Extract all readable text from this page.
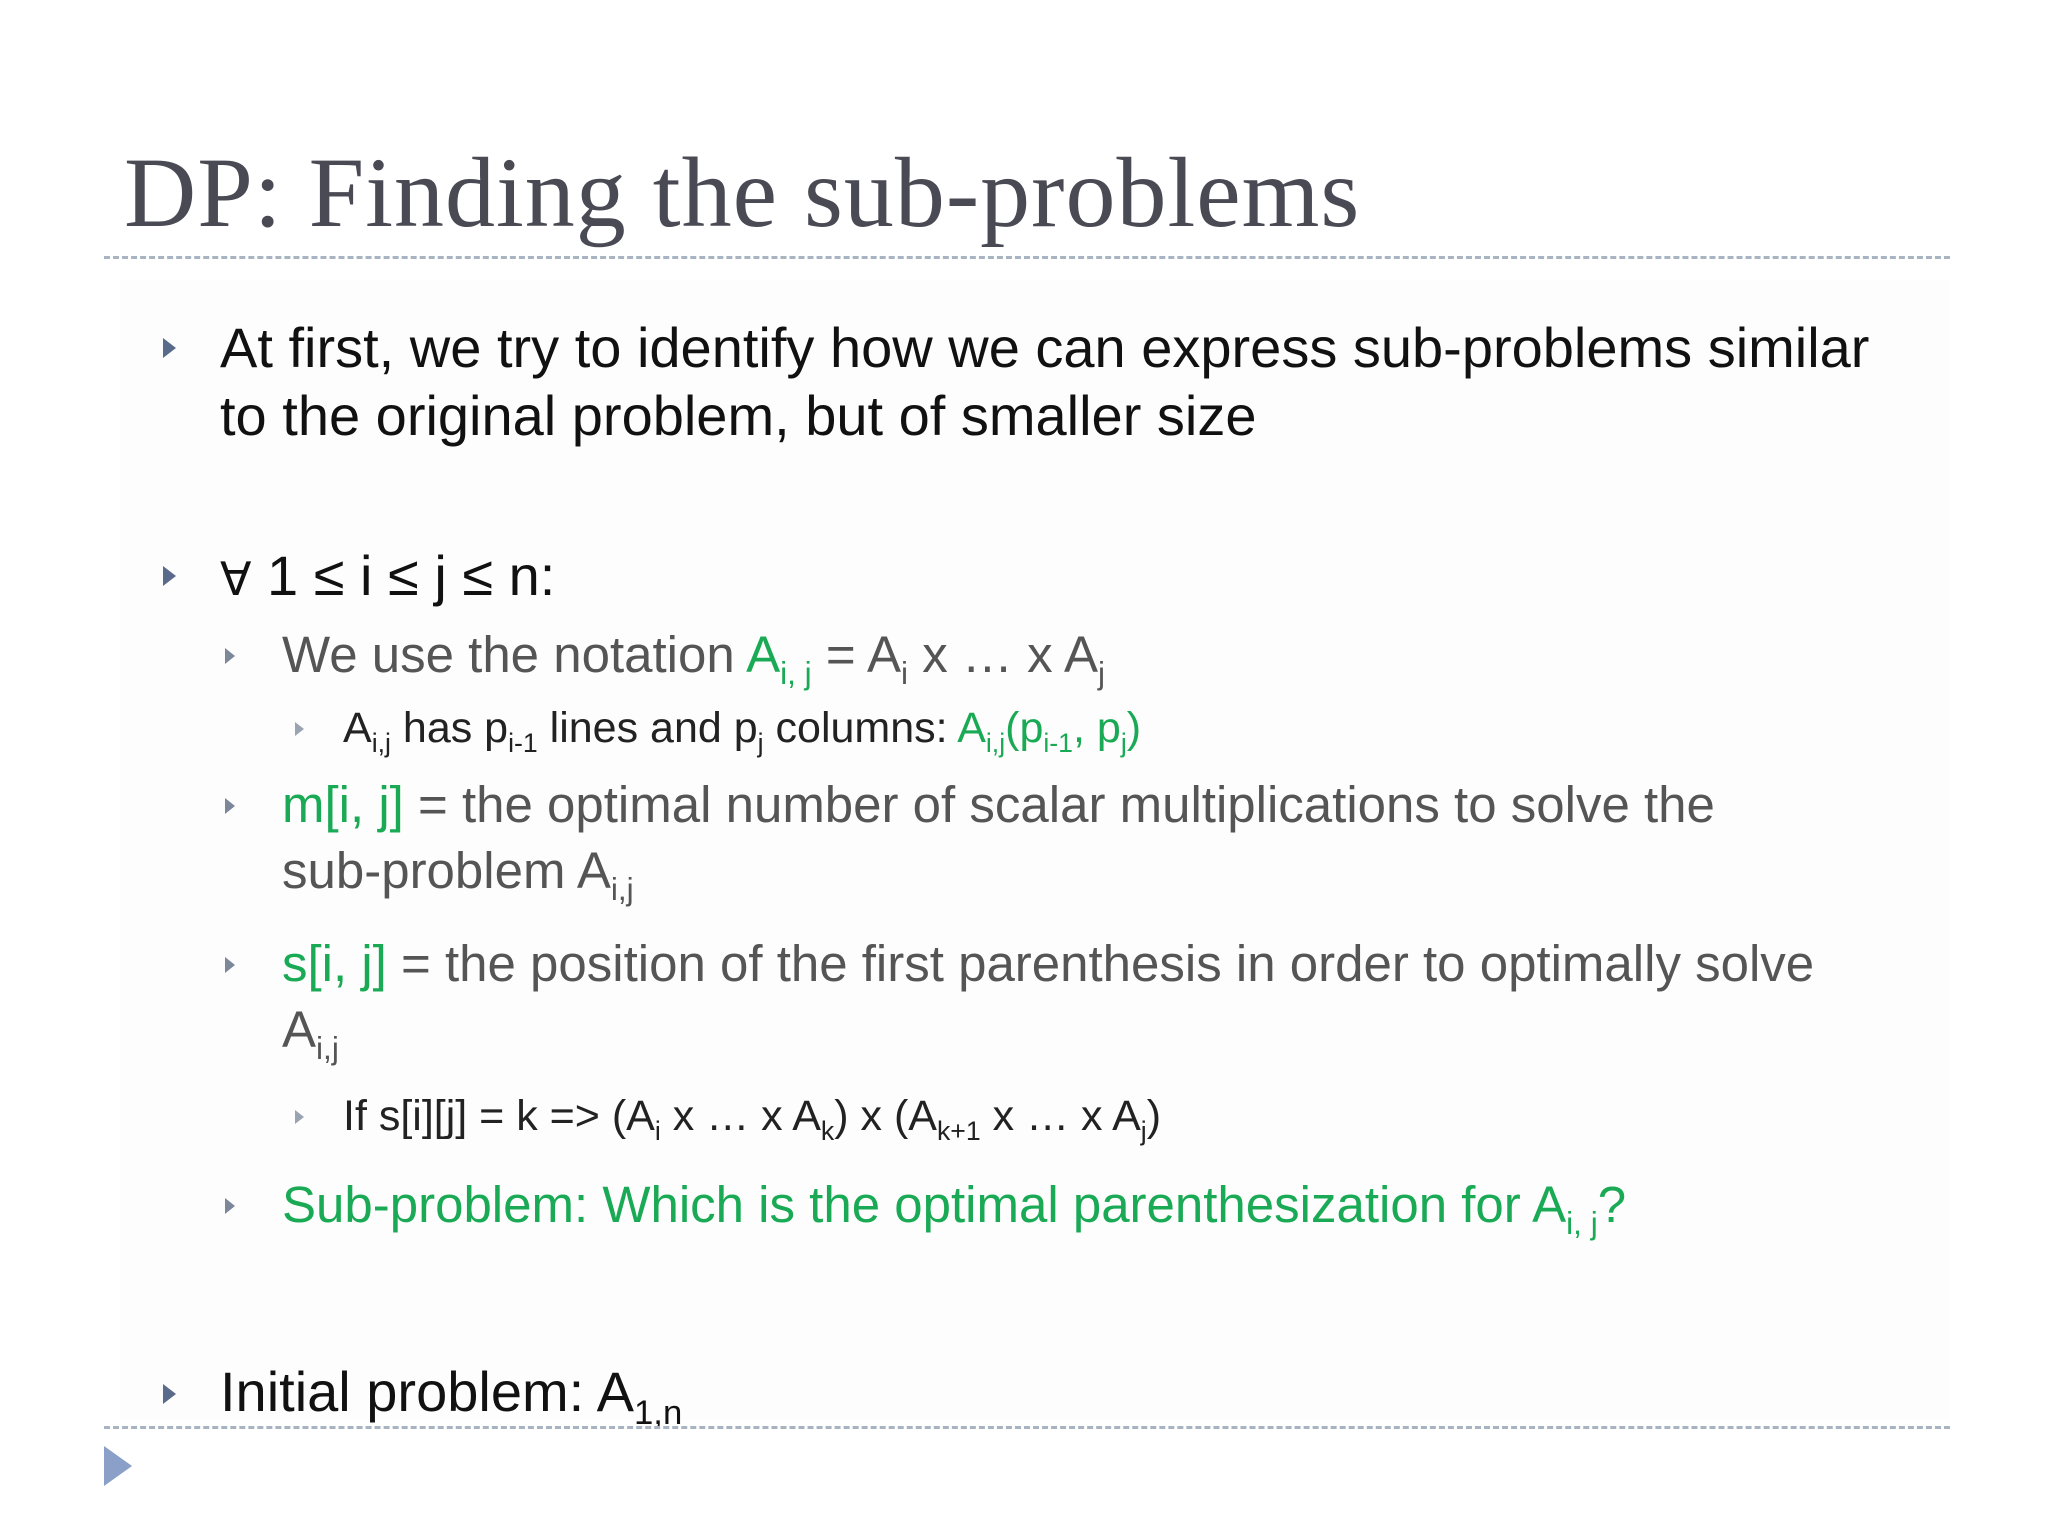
DP: Finding the sub-problems
At first, we try to identify how we can express sub-problems similar
to the original problem, but of smaller size
∀ 1 ≤ i ≤ j ≤ n:
We use the notation $A_{i, j} = A_i$ x … x $A_j$
$A_{i,j}$ has $p_{i-1}$ lines and $p_j$ columns: $A_{i,j}(p_{i-1}$, $p_j$)
m[i, j] = the optimal number of scalar multiplications to solve the
sub-problem $A_{i,j}$
s[i, j] = the position of the first parenthesis in order to optimally solve
$A_{i,j}$
If $s[i][j] = k => (A_i$ x … x $A_k$) x ($A_{k+1}$ x … x $A_j$)
Sub-problem: Which is the optimal parenthesization for $A_{i, j}$?
Initial problem: $A_{1,n}$
